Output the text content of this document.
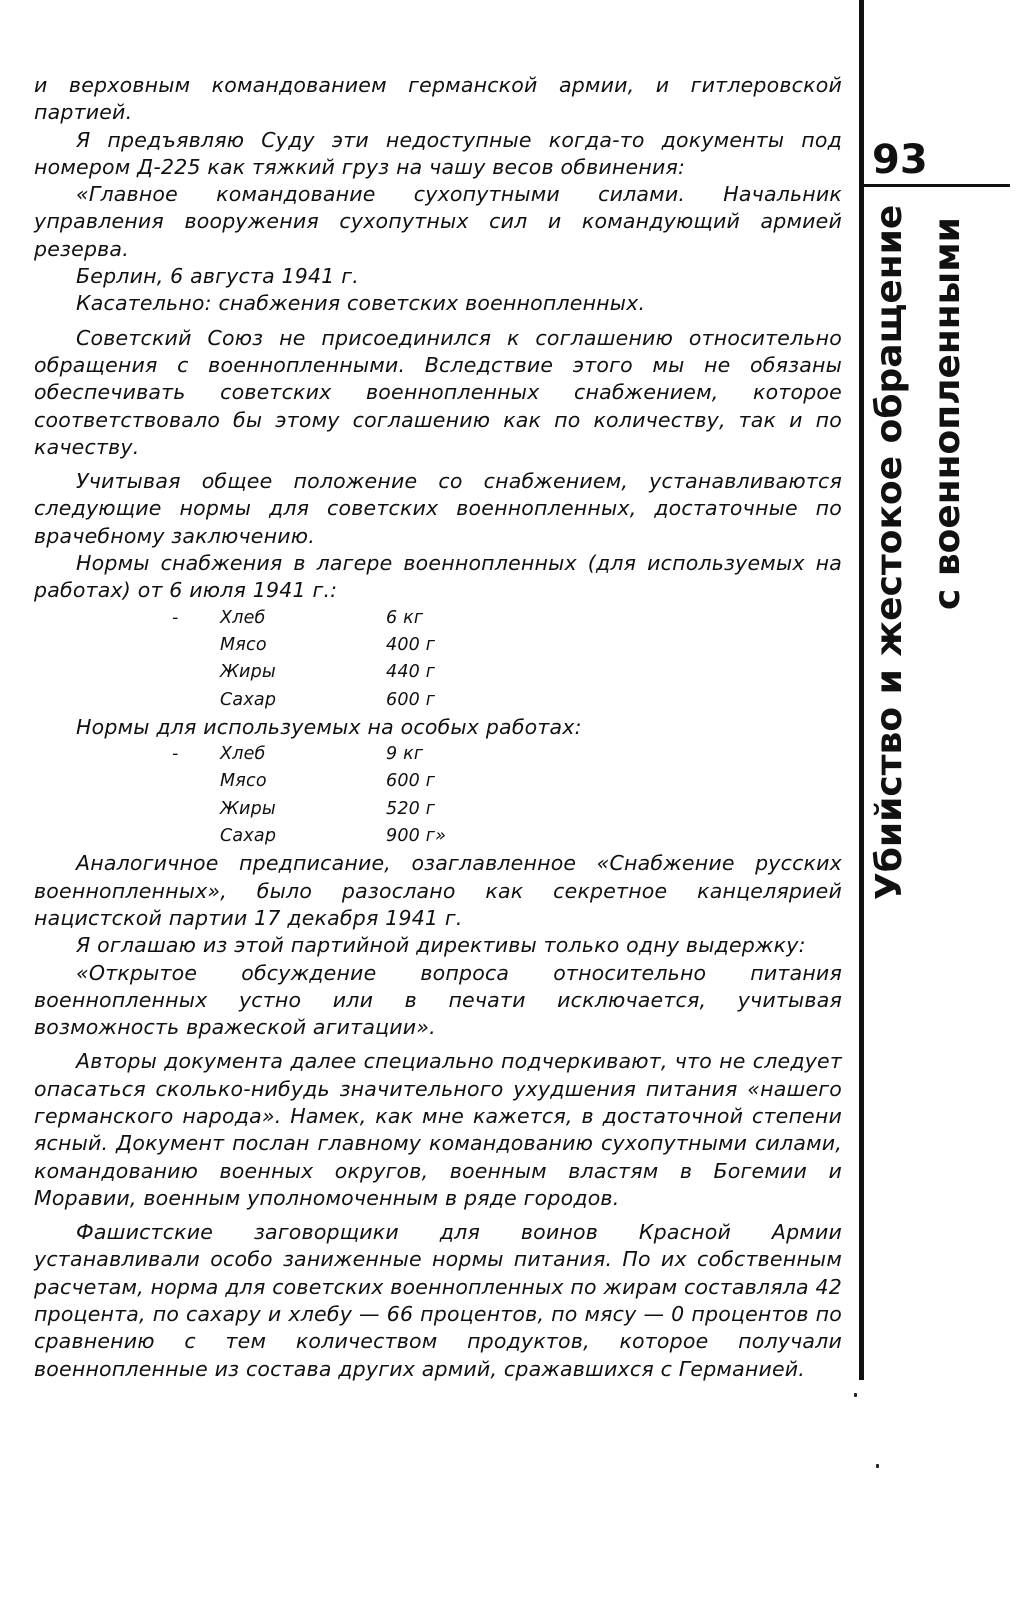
и верховным командованием германской армии, и гитлеровской партией.

Я предъявляю Суду эти недоступные когда-то документы под номером Д-225 как тяжкий груз на чашу весов обвинения:

«Главное командование сухопутными силами. Начальник управления вооружения сухопутных сил и командующий армией резерва.

Берлин, 6 августа 1941 г.

Касательно: снабжения советских военнопленных.

Советский Союз не присоединился к соглашению относительно обращения с военнопленными. Вследствие этого мы не обязаны обеспечивать советских военнопленных снабжением, которое соответствовало бы этому соглашению как по количеству, так и по качеству.

Учитывая общее положение со снабжением, устанавливаются следующие нормы для советских военнопленных, достаточные по врачебному заключению.

Нормы снабжения в лагере военнопленных (для используемых на работах) от 6 июля 1941 г.:

- Хлеб	6 кг
Мясо	400 г
Жиры	440 г
Сахар	600 г

Нормы для используемых на особых работах:

- Хлеб	9 кг
Мясо	600 г
Жиры	520 г
Сахар	900 г»

Аналогичное предписание, озаглавленное «Снабжение русских военнопленных», было разослано как секретное канцелярией нацистской партии 17 декабря 1941 г.

Я оглашаю из этой партийной директивы только одну выдержку:

«Открытое обсуждение вопроса относительно питания военнопленных устно или в печати исключается, учитывая возможность вражеской агитации».

Авторы документа далее специально подчеркивают, что не следует опасаться сколько-нибудь значительного ухудшения питания «нашего германского народа». Намек, как мне кажется, в достаточной степени ясный. Документ послан главному командованию сухопутными силами, командованию военных округов, военным властям в Богемии и Моравии, военным уполномоченным в ряде городов.

Фашистские заговорщики для воинов Красной Армии устанавливали особо заниженные нормы питания. По их собственным расчетам, норма для советских военнопленных по жирам составляла 42 процента, по сахару и хлебу — 66 процентов, по мясу — 0 процентов по сравнению с тем количеством продуктов, которое получали военнопленные из состава других армий, сражавшихся с Германией.

93
Убийство и жестокое обращение с военнопленными
